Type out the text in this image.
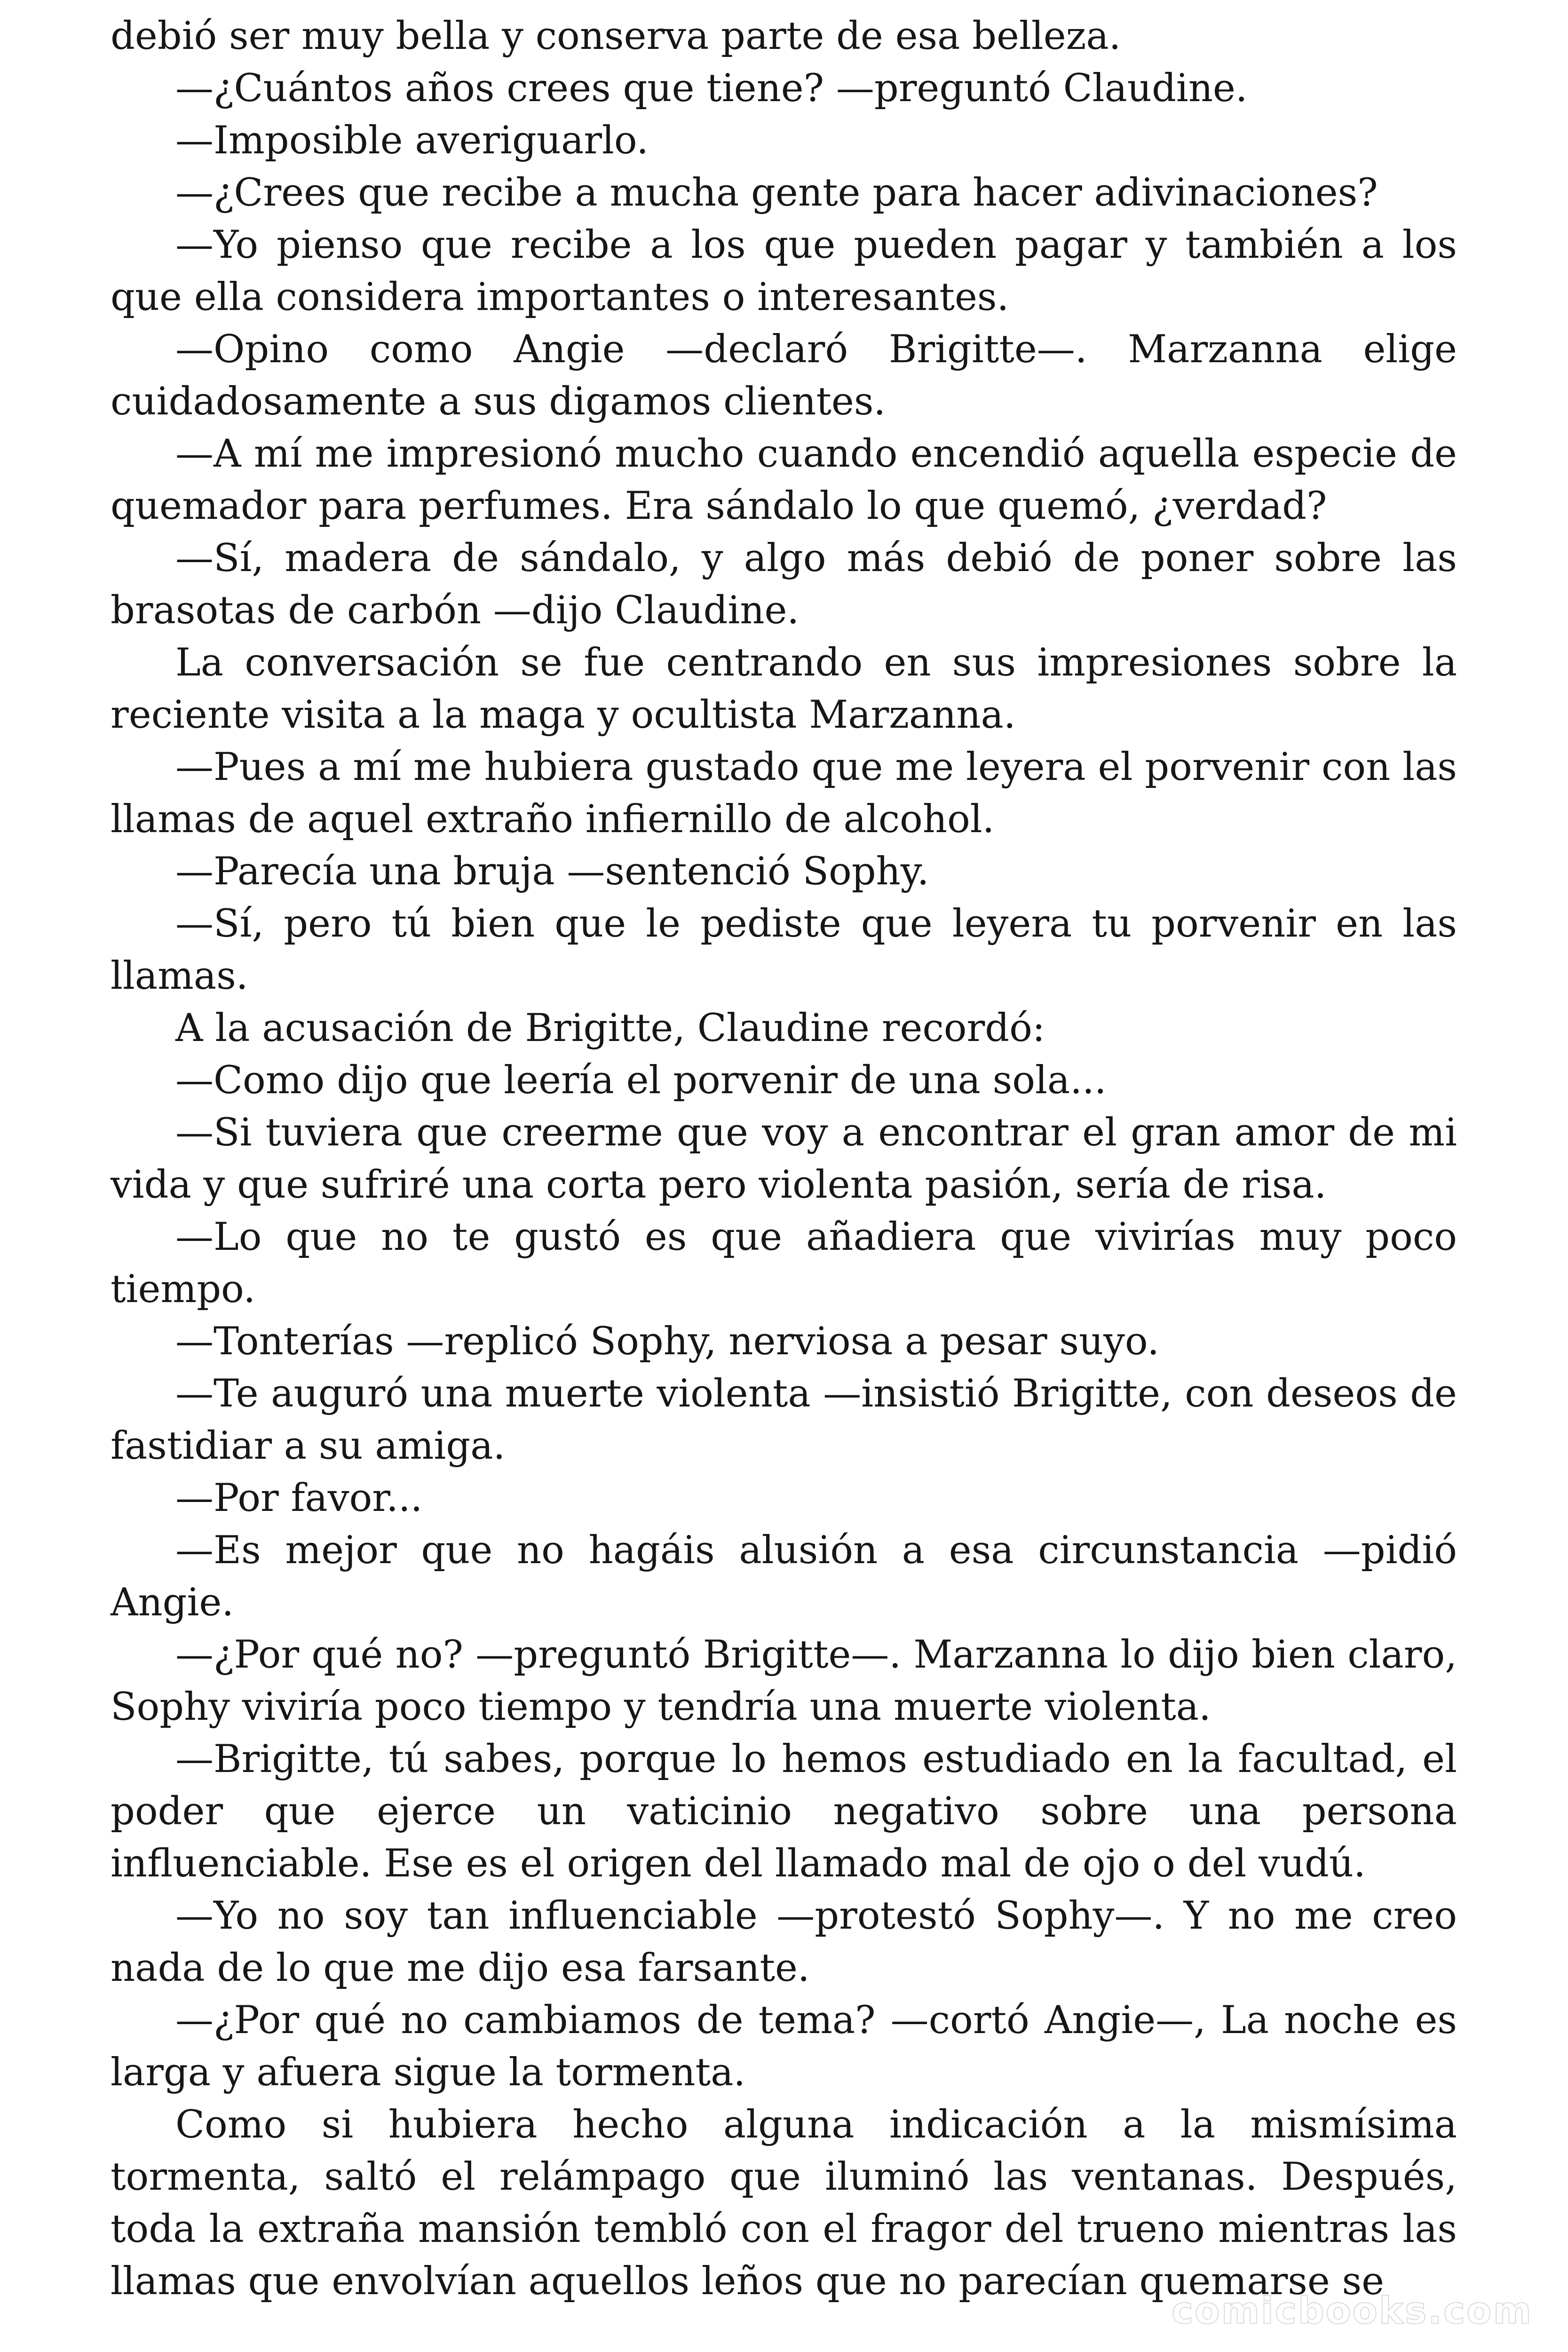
debió ser muy bella y conserva parte de esa belleza.

—¿Cuántos años crees que tiene? —preguntó Claudine.

—Imposible averiguarlo.

—¿Crees que recibe a mucha gente para hacer adivinaciones?

—Yo pienso que recibe a los que pueden pagar y también a los que ella considera importantes o interesantes.

—Opino como Angie —declaró Brigitte—. Marzanna elige cuidadosamente a sus digamos clientes.

—A mí me impresionó mucho cuando encendió aquella especie de quemador para perfumes. Era sándalo lo que quemó, ¿verdad?

—Sí, madera de sándalo, y algo más debió de poner sobre las brasotas de carbón —dijo Claudine.

La conversación se fue centrando en sus impresiones sobre la reciente visita a la maga y ocultista Marzanna.

—Pues a mí me hubiera gustado que me leyera el porvenir con las llamas de aquel extraño infiernillo de alcohol.

—Parecía una bruja —sentenció Sophy.

—Sí, pero tú bien que le pediste que leyera tu porvenir en las llamas.

A la acusación de Brigitte, Claudine recordó:

—Como dijo que leería el porvenir de una sola...

—Si tuviera que creerme que voy a encontrar el gran amor de mi vida y que sufriré una corta pero violenta pasión, sería de risa.

—Lo que no te gustó es que añadiera que vivirías muy poco tiempo.

—Tonterías —replicó Sophy, nerviosa a pesar suyo.

—Te auguró una muerte violenta —insistió Brigitte, con deseos de fastidiar a su amiga.

—Por favor...

—Es mejor que no hagáis alusión a esa circunstancia —pidió Angie.

—¿Por qué no? —preguntó Brigitte—. Marzanna lo dijo bien claro, Sophy viviría poco tiempo y tendría una muerte violenta.

—Brigitte, tú sabes, porque lo hemos estudiado en la facultad, el poder que ejerce un vaticinio negativo sobre una persona influenciable. Ese es el origen del llamado mal de ojo o del vudú.

—Yo no soy tan influenciable —protestó Sophy—. Y no me creo nada de lo que me dijo esa farsante.

—¿Por qué no cambiamos de tema? —cortó Angie—, La noche es larga y afuera sigue la tormenta.

Como si hubiera hecho alguna indicación a la mismísima tormenta, saltó el relámpago que iluminó las ventanas. Después, toda la extraña mansión tembló con el fragor del trueno mientras las llamas que envolvían aquellos leños que no parecían quemarse se

comicbooks.com
